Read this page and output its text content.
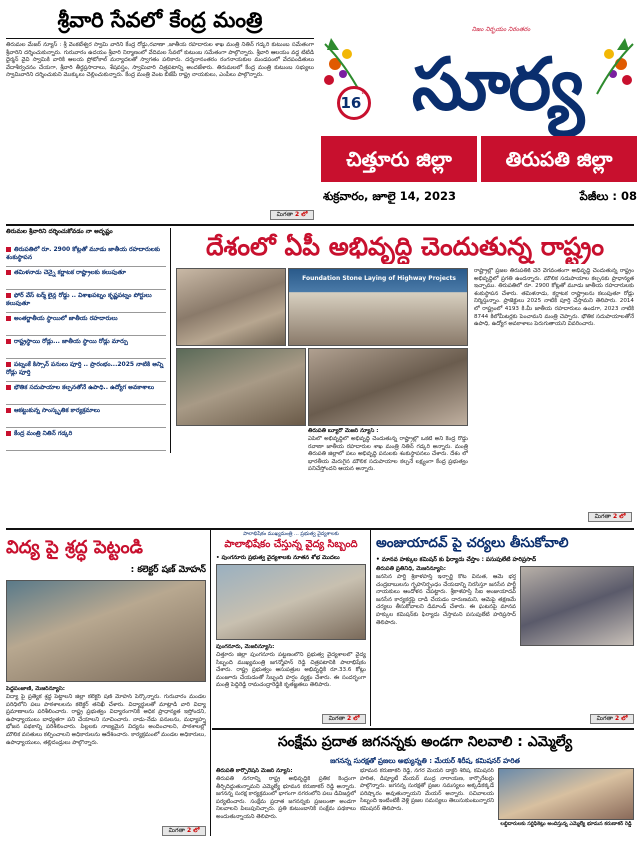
శ్రీవారి సేవలో కేంద్ర మంత్రి
తిరుమల మేజర్ న్యూస్ : శ్రీ వెంకటేశ్వర స్వామి వారిని కేంద్ర రోడ్డు,రవాణా ,జాతీయ రహదారుల శాఖ మంత్రి నితిన్ గడ్కరి కుటుంబ సమేతంగా శ్రీవారిని దర్శించుకున్నారు. గురువారం ఉదయం శ్రీవారి నిర్మాణంలో వేదిమల సేవలో కుటుంబ సమేతంగా పాల్గొన్నారు. శ్రీవారి ఆలయం వద్ద టిటిడి ధైర్మన్ వైవి స్వామికి వారికి ఆలయ ప్రోటోకాల్ మర్యాదలతో స్వాగతం పలికారు. దర్శనానంతరం రంగనాయకుల మండపంలో వేదపండితులు వేదాశీర్వచనం చేయగా, శ్రీవారి తీర్థప్రసాదాలు, శేషవస్త్రం, స్వామివారి చిత్రపటాన్ని అందజేశారు. తిరుమలలో కేంద్ర మంత్రి కుటుంబ సభ్యులు స్వామివారిని దర్శించుకుని మొక్కులు చెల్లించుకున్నారు. కేంద్ర మంత్రి వెంట బీజేపీ రాష్ట్ర నాయకులు, ఎంపీలు పాల్గొన్నారు.
నిజం నిర్భయం నిరంతరం
16th సూర్య
చిత్తూరు జిల్లా	తిరుపతి జిల్లా
శుక్రవారం, జూలై 14, 2023	పేజీలు : 08
తిరుమల శ్రీవారిని దర్శించుకోవడం నా అదృష్టం
తిరుపతిలో రూ. 2900 కోట్లతో మూడు జాతీయ రహదారులకు శంకుస్థాపన
తమిళనాడు చెన్నై కర్ణాటక రాష్ట్రాలకు కలుపుతూ
ఫోర్ వేస్ టర్మ్ లైన్ల రోడ్డు .. విశాఖపట్నం కృష్ణపట్నం పోర్టులు కలుపుతూ
అంతర్జాతీయ స్థాయిలో జాతీయ రహదారులు
రాష్ట్రస్థాయి రోడ్లు... జాతీయ స్థాయి రోడ్లు మార్పు
పట్నంకే కిస్సాన్ పనులు పూర్తి .. ప్రారంభం...2025 నాటికి అన్ని రోడ్లు పూర్తి
భౌతిక సదుపాయాల కల్పనతోనే ఉపాధి.. ఉద్యోగ అవకాశాలు
ఆకట్టుకున్న సాంస్కృతిక కార్యక్రమాలు
కేంద్ర మంత్రి నితిన్ గడ్కరి
దేశంలో ఏపీ అభివృద్ధి చెందుతున్న రాష్ట్రం
Foundation Stone Laying of Highway Projects
తిరుపతి బ్యూరో మేజర్ న్యూస్ :
ఏపీలో అభివృద్ధిలో అభివృద్ధి చెందుతున్న రాష్ట్రాల్లో ఒకటి అని కేంద్ర రోడ్డు రవాణా జాతీయ రహదారుల శాఖ మంత్రి నితిన్ గడ్కరి అన్నారు. మంత్రి తిరుపతి జిల్లాలో పలు అభివృద్ధి పనులకు శంకుస్థాపనలు చేశారు. దేశం లో భారతీయ మెరుగైన మౌలిక సదుపాయాల కల్పనే లక్ష్యంగా కేంద్ర ప్రభుత్వం పనిచేస్తోందని ఆయన అన్నారు.
రాష్ట్రాల్లో ప్రజల తిరుపతికి చేరే వేగవంతంగా అభివృద్ధి చెందుతున్న రాష్ట్రం అభివృద్ధిలో ప్రగతి ఉందన్నారు. మౌలిక సదుపాయాల కల్పనకు ప్రాధాన్యత ఇచ్చాము. తిరుపతిలో రూ. 2900 కోట్లతో మూడు జాతీయ రహదారులకు శంకుస్థాపన చేశారు. తమిళనాడు, కర్ణాటక రాష్ట్రాలను కలుపుతూ రోడ్లు నిర్మిస్తున్నాం. ప్రాజెక్టులు 2025 నాటికి పూర్తి చేస్తామని తెలిపారు. 2014 లో రాష్ట్రంలో 4193 కి.మీ జాతీయ రహదారులు ఉండగా, 2023 నాటికి 8744 కిలోమీటర్లకు పెంచామని మంత్రి చెప్పారు. భౌతిక సదుపాయాలతోనే ఉపాధి, ఉద్యోగ అవకాశాలు పెరుగుతాయని వివరించారు.
మిగతా 2 లో
మిగతా 2 లో
విద్య పై శ్రద్ధ పెట్టండి
: కలెక్టర్ షణ్ మోహన్
పెద్దపంజాణి, మేజర్‌న్యూస్:
విద్యా పై ప్రత్యేక శ్రద్ధ పెట్టాలని జిల్లా కలెక్టర్ షణ్ మోహన్ పేర్కొన్నారు. గురువారం మండల పరిధిలోని పలు పాఠశాలలను కలెక్టర్ తనిఖీ చేశారు. విద్యార్థులతో మాట్లాడి వారి విద్యా ప్రమాణాలను పరిశీలించారు. రాష్ట్ర ప్రభుత్వం విద్యారంగానికి అధిక ప్రాధాన్యత ఇస్తోందని, ఉపాధ్యాయులు బాధ్యతగా పని చేయాలని సూచించారు. నాడు-నేడు పనులను, మధ్యాహ్న భోజన పథకాన్ని పరిశీలించారు. పిల్లలకు నాణ్యమైన విద్యను అందించాలని, పాఠశాలల్లో మౌలిక వసతులు కల్పించాలని అధికారులను ఆదేశించారు. కార్యక్రమంలో మండల అధికారులు, ఉపాధ్యాయులు, తల్లిదండ్రులు పాల్గొన్నారు.
మిగతా 2 లో
పాలాభిషేకం ముఖ్యమంత్రి ... ప్రభుత్వ వైద్యశాలకు
పాలాభిషేకం చేస్తున్న వైద్య సిబ్బంది
• పుంగనూరు ప్రభుత్వ వైద్యశాలకు నూతన శోభ మొదలు
పుంగనూరు, మేజర్‌న్యూస్:
చిత్తూరు జిల్లా పుంగనూరు పట్టణంలోని ప్రభుత్వ వైద్యశాలలో వైద్య సిబ్బంది ముఖ్యమంత్రి జగన్మోహన్ రెడ్డి చిత్రపటానికి పాలాభిషేకం చేశారు. రాష్ట్ర ప్రభుత్వం ఆసుపత్రుల అభివృద్ధికి రూ.33.6 కోట్లు మంజూరు చేయడంతో సిబ్బంది హర్షం వ్యక్తం చేశారు. ఈ సందర్భంగా మంత్రి పెద్దిరెడ్డి రామచంద్రారెడ్డికి కృతజ్ఞతలు తెలిపారు.
అంజుయాదవ్ పై చర్యలు తీసుకోవాలి
• మానవ హక్కుల కమిషన్ కు ఫిర్యాదు చేస్తాం : పసుపులేటి హరిప్రసాద్
తిరుపతి ప్రతినిధి, మేజర్‌న్యూస్:
జనసేన పార్టీ శ్రీకాళహస్తి ఇన్చార్జి కోట వినుత, ఆమె భర్త చంద్రబాబులను గృహనిర్బంధం చేయడాన్ని నిరసిస్తూ జనసేన పార్టీ నాయకులు ఆందోళన చేపట్టారు. శ్రీకాళహస్తి సీఐ అంజుయాదవ్ జనసేన కార్యకర్తపై దాడి చేయడం దారుణమని, ఆమెపై తక్షణమే చర్యలు తీసుకోవాలని డిమాండ్ చేశారు. ఈ ఘటనపై మానవ హక్కుల కమిషన్‌కు ఫిర్యాదు చేస్తామని పసుపులేటి హరిప్రసాద్ తెలిపారు.
మిగతా 2 లో
మిగతా 2 లో
సంక్షేమ ప్రదాత జగనన్నకు అండగా నిలవాలి : ఎమ్మెల్యే
జగనన్న సురక్షతో ప్రజలు అభ్యున్నతి : మేయర్ శిరీష, కమిషనర్ హరిత
తిరుపతి కార్పొరేషన్ మేజర్ న్యూస్:
తిరుపతి నగరాన్ని రాష్ట్ర అభివృద్ధికి ప్రతీక కేంద్రంగా తీర్చిదిద్దుతున్నామని ఎమ్మెల్యే భూమన కరుణాకర్ రెడ్డి అన్నారు. జగనన్న సురక్ష కార్యక్రమంలో భాగంగా నగరంలోని పలు డివిజన్లలో పర్యటించారు. సంక్షేమ ప్రదాత జగనన్నకు ప్రజలంతా అండగా నిలవాలని పిలుపునిచ్చారు. ప్రతి కుటుంబానికి సంక్షేమ పథకాలు అందుతున్నాయని తెలిపారు.
భూమన కరుణాకర్ రెడ్డి, నగర మేయర్ డాక్టర్ శిరీష, కమిషనర్ హరిత, డిప్యూటీ మేయర్ ముద్ర నారాయణ, కార్పొరేటర్లు పాల్గొన్నారు. జగనన్న సురక్షతో ప్రజల సమస్యలు అక్కడికక్కడే పరిష్కారం అవుతున్నాయని మేయర్ అన్నారు. సచివాలయ సిబ్బంది ఇంటింటికీ వెళ్లి ప్రజల సమస్యలు తెలుసుకుంటున్నారని కమిషనర్ తెలిపారు.
లబ్దిదారులకు సర్టిఫికెట్లు అందిస్తున్న ఎమ్మెల్యే భూమన కరుణాకర్ రెడ్డి
